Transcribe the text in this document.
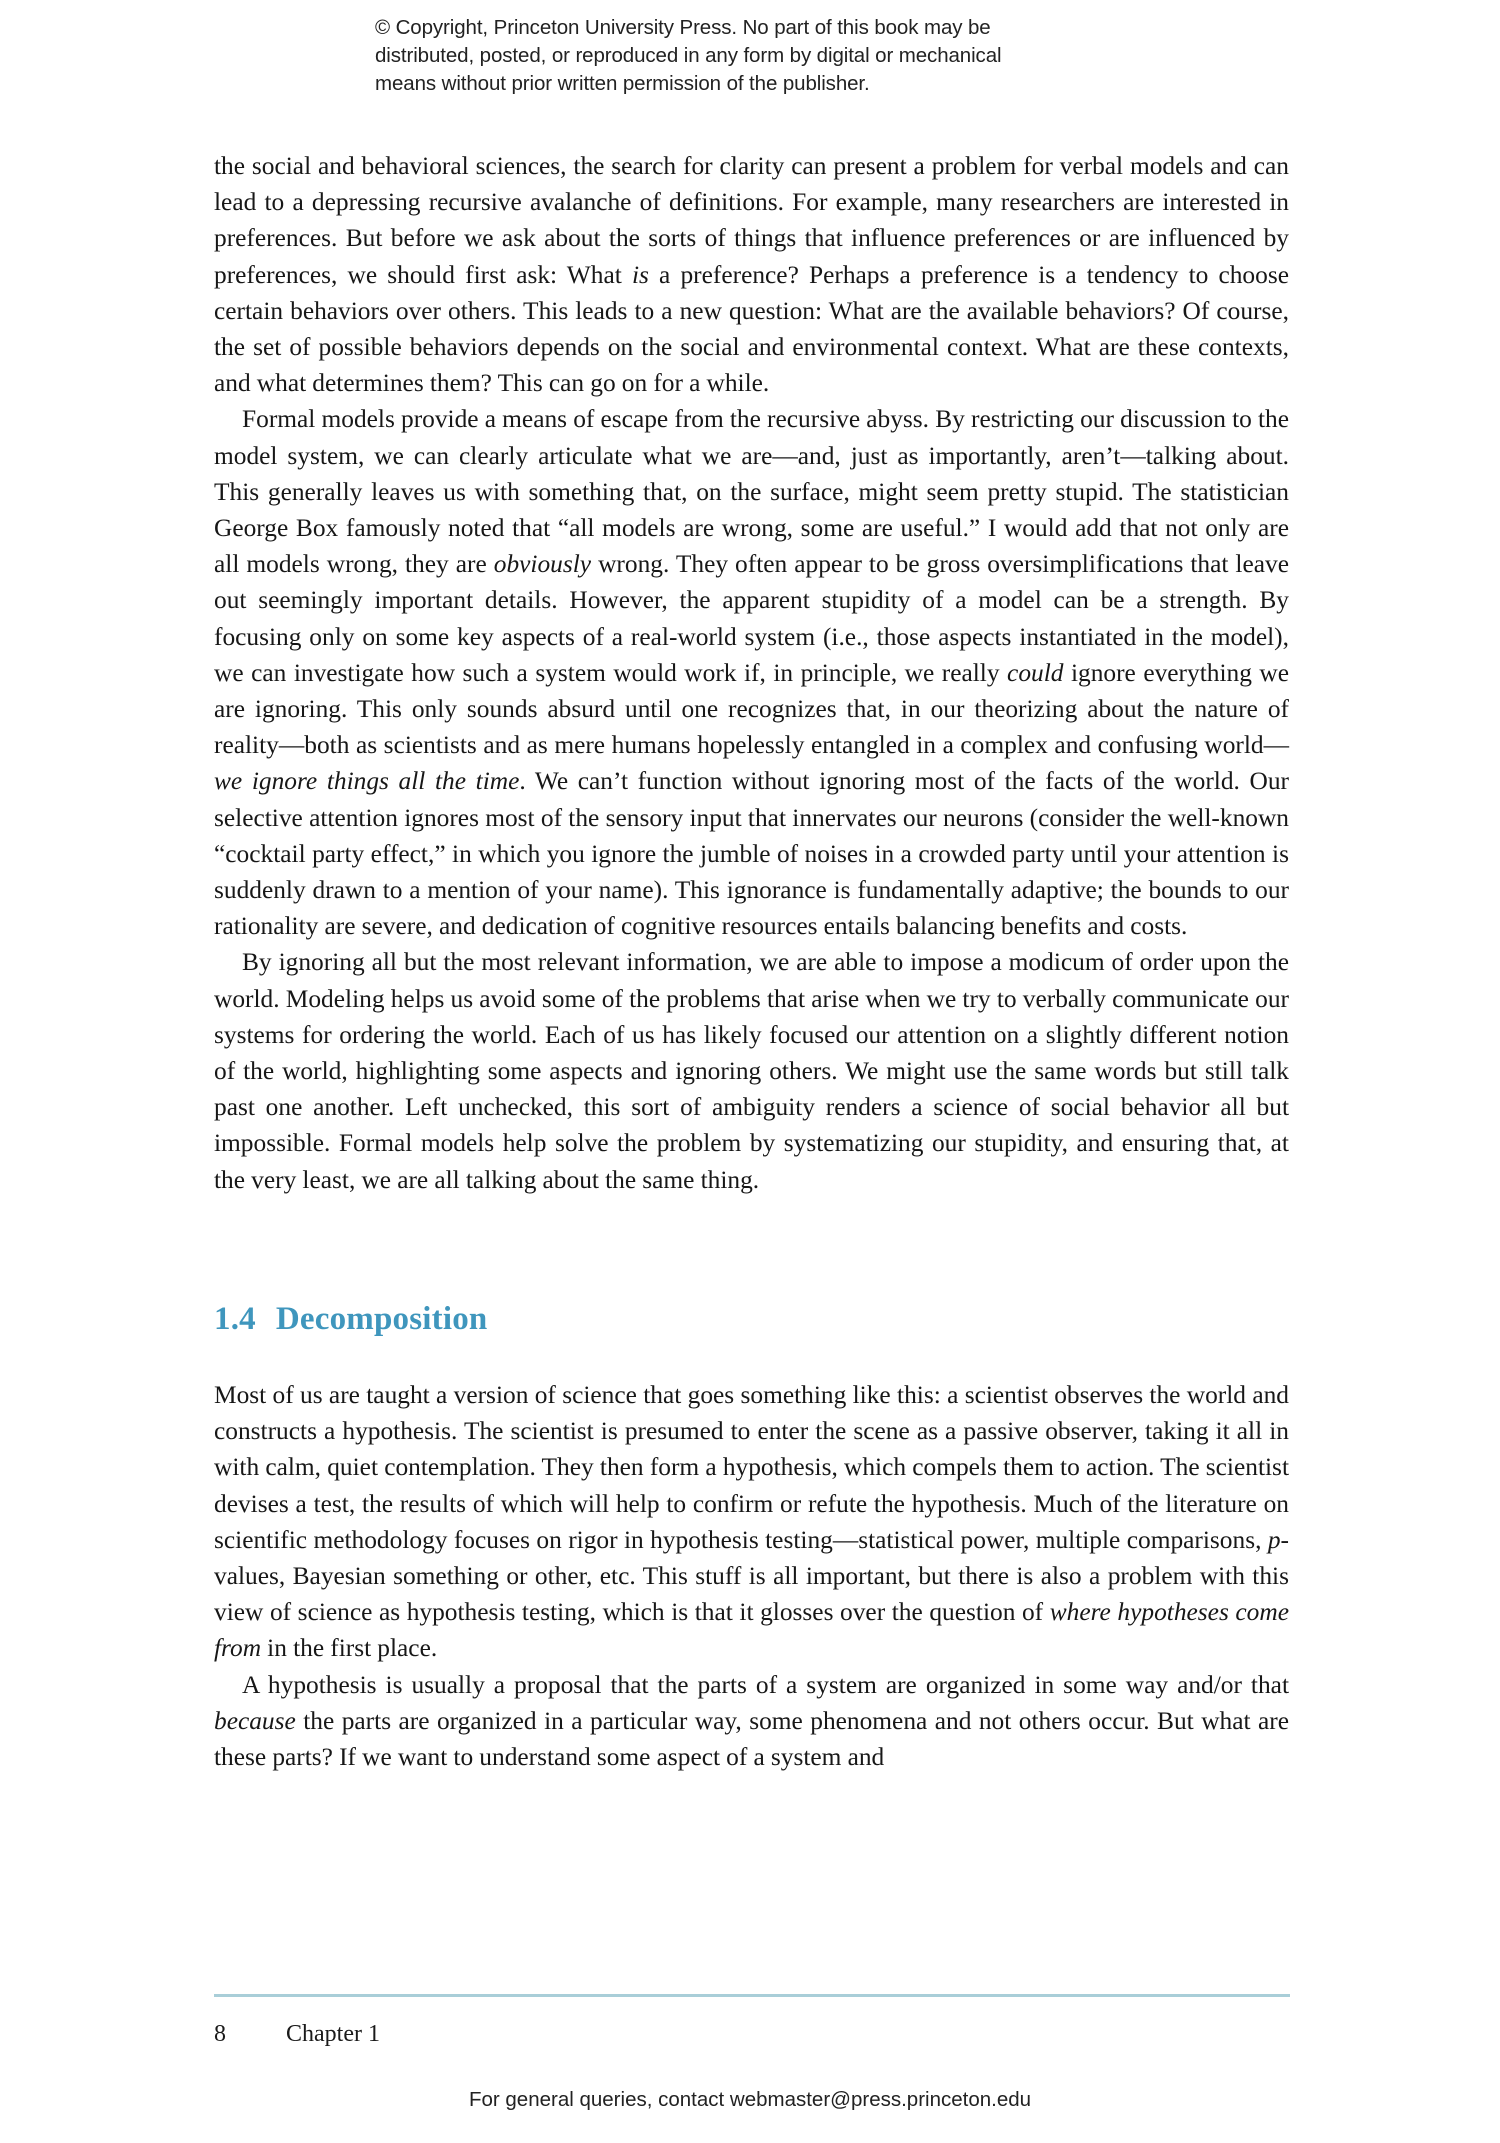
© Copyright, Princeton University Press. No part of this book may be
distributed, posted, or reproduced in any form by digital or mechanical
means without prior written permission of the publisher.

the social and behavioral sciences, the search for clarity can present a problem for verbal models and can lead to a depressing recursive avalanche of definitions. For example, many researchers are interested in preferences. But before we ask about the sorts of things that influence preferences or are influenced by preferences, we should first ask: What is a preference? Perhaps a preference is a tendency to choose certain behaviors over others. This leads to a new question: What are the available behaviors? Of course, the set of possible behaviors depends on the social and environmental context. What are these contexts, and what determines them? This can go on for a while.

Formal models provide a means of escape from the recursive abyss. By restricting our discussion to the model system, we can clearly articulate what we are—and, just as importantly, aren’t—talking about. This generally leaves us with something that, on the surface, might seem pretty stupid. The statistician George Box famously noted that “all models are wrong, some are useful.” I would add that not only are all models wrong, they are obviously wrong. They often appear to be gross oversimplifications that leave out seemingly important details. However, the apparent stupidity of a model can be a strength. By focusing only on some key aspects of a real-world system (i.e., those aspects instantiated in the model), we can investigate how such a system would work if, in principle, we really could ignore everything we are ignoring. This only sounds absurd until one recognizes that, in our theorizing about the nature of reality—both as scientists and as mere humans hopelessly entangled in a complex and confusing world—we ignore things all the time. We can’t function without ignoring most of the facts of the world. Our selective attention ignores most of the sensory input that innervates our neurons (consider the well-known “cocktail party effect,” in which you ignore the jumble of noises in a crowded party until your attention is suddenly drawn to a mention of your name). This ignorance is fundamentally adaptive; the bounds to our rationality are severe, and dedication of cognitive resources entails balancing benefits and costs.

By ignoring all but the most relevant information, we are able to impose a modicum of order upon the world. Modeling helps us avoid some of the problems that arise when we try to verbally communicate our systems for ordering the world. Each of us has likely focused our attention on a slightly different notion of the world, highlighting some aspects and ignoring others. We might use the same words but still talk past one another. Left unchecked, this sort of ambiguity renders a science of social behavior all but impossible. Formal models help solve the problem by systematizing our stupidity, and ensuring that, at the very least, we are all talking about the same thing.

1.4 Decomposition

Most of us are taught a version of science that goes something like this: a scientist observes the world and constructs a hypothesis. The scientist is presumed to enter the scene as a passive observer, taking it all in with calm, quiet contemplation. They then form a hypothesis, which compels them to action. The scientist devises a test, the results of which will help to confirm or refute the hypothesis. Much of the literature on scientific methodology focuses on rigor in hypothesis testing—statistical power, multiple comparisons, p-values, Bayesian something or other, etc. This stuff is all important, but there is also a problem with this view of science as hypothesis testing, which is that it glosses over the question of where hypotheses come from in the first place.

A hypothesis is usually a proposal that the parts of a system are organized in some way and/or that because the parts are organized in a particular way, some phenomena and not others occur. But what are these parts? If we want to understand some aspect of a system and

8	Chapter 1
For general queries, contact webmaster@press.princeton.edu
